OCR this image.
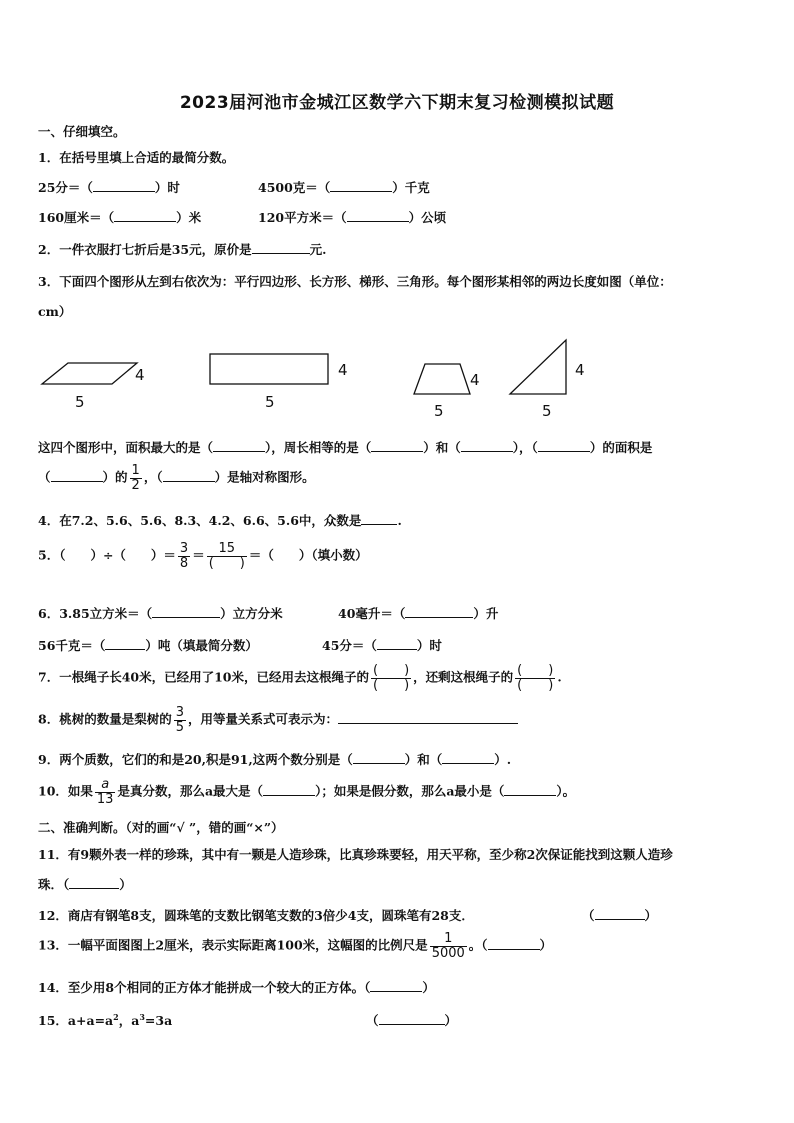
2023届河池市金城江区数学六下期末复习检测模拟试题
一、仔细填空。
1．在括号里填上合适的最简分数。
25分＝（	）时	4500克＝（	）千克
160厘米＝（	）米	120平方米＝（	）公顷
2．一件衣服打七折后是35元，原价是	元.
3．下面四个图形从左到右依次为：平行四边形、长方形、梯形、三角形。每个图形某相邻的两边长度如图（单位：
cm）
4
5
4
5
4
5
4
5
这四个图形中，面积最大的是（	），周长相等的是（	）和（	），（	）的面积是
（	）的 $\frac{1}{2}$ ，（	）是轴对称图形。
4．在7.2、5.6、5.6、8.3、4.2、6.6、5.6中，众数是	.
5．（　　）÷（　　）＝ $\frac{3}{8} = \frac{15}{( )}$ ＝（　　）（填小数）
6．3.85立方米＝（	）立方分米	40毫升＝（	）升
56千克＝（	）吨（填最简分数）	45分＝（	）时
7．一根绳子长40米，已经用了10米，已经用去这根绳子的 $\frac{( )}{( )}$ ，还剩这根绳子的 $\frac{( )}{( )}$ .
8．桃树的数量是梨树的 $\frac{3}{5}$ ，用等量关系式可表示为：
9．两个质数，它们的和是20,积是91,这两个数分别是（	）和（	）.
10．如果 $\frac{a}{13}$ 是真分数，那么a最大是（	）；如果是假分数，那么a最小是（	）。
二、准确判断。（对的画“√ ”，错的画“×”）
11．有9颗外表一样的珍珠，其中有一颗是人造珍珠，比真珍珠要轻，用天平称，至少称2次保证能找到这颗人造珍
珠．（	）
12．商店有钢笔8支，圆珠笔的支数比钢笔支数的3倍少4支，圆珠笔有28支．	（	）
13．一幅平面图图上2厘米，表示实际距离100米，这幅图的比例尺是 $\frac{1}{5000}$ 。（	）
14．至少用8个相同的正方体才能拼成一个较大的正方体。（	）
15．$a+a=a^2$，$a^3=3a$	（	）
